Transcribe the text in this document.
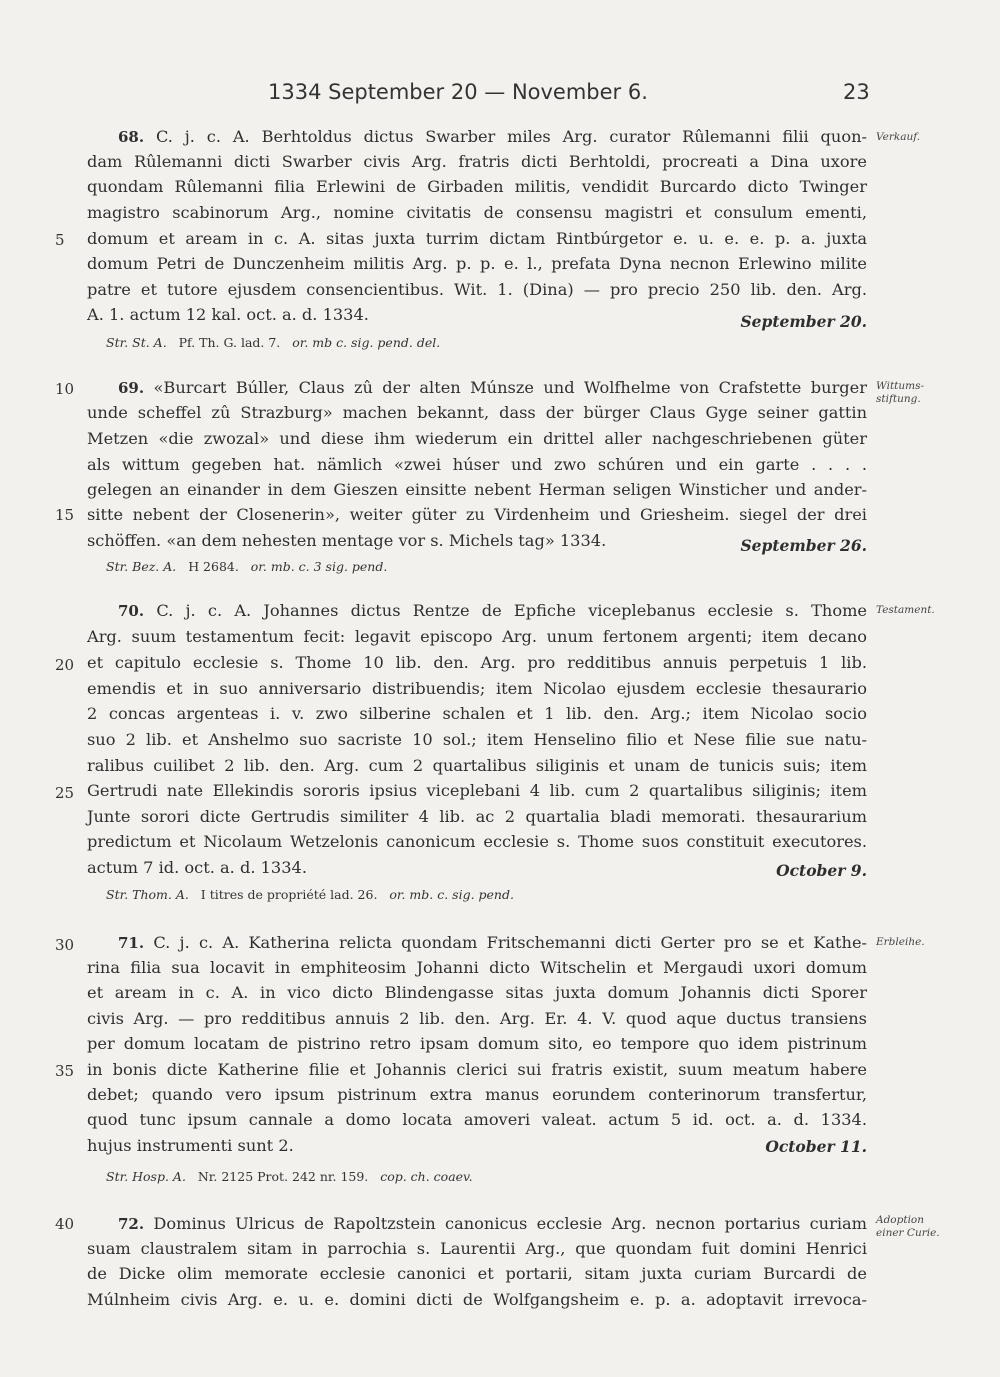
1334 September 20 — November 6.	23
5
10
15
20
25
30
35
40
Verkauf.
68. C. j. c. A. Berhtoldus dictus Swarber miles Arg. curator Rûlemanni filii quon-
dam Rûlemanni dicti Swarber civis Arg. fratris dicti Berhtoldi, procreati a Dina uxore
quondam Rûlemanni filia Erlewini de Girbaden militis, vendidit Burcardo dicto Twinger
magistro scabinorum Arg., nomine civitatis de consensu magistri et consulum ementi,
domum et aream in c. A. sitas juxta turrim dictam Rintbúrgetor e. u. e. e. p. a. juxta
domum Petri de Dunczenheim militis Arg. p. p. e. l., prefata Dyna necnon Erlewino milite
patre et tutore ejusdem consencientibus. Wit. 1. (Dina) — pro precio 250 lib. den. Arg.
A. 1. actum 12 kal. oct. a. d. 1334.	September 20.
Str. St. A. Pf. Th. G. lad. 7. or. mb c. sig. pend. del.
Wittums-
stiftung.
69. «Burcart Búller, Claus zû der alten Múnsze und Wolfhelme von Crafstette burger
unde scheffel zû Strazburg» machen bekannt, dass der bürger Claus Gyge seiner gattin
Metzen «die zwozal» und diese ihm wiederum ein drittel aller nachgeschriebenen güter
als wittum gegeben hat. nämlich «zwei húser und zwo schúren und ein garte . . . .
gelegen an einander in dem Gieszen einsitte nebent Herman seligen Winsticher und ander-
sitte nebent der Closenerin», weiter güter zu Virdenheim und Griesheim. siegel der drei
schöffen. «an dem nehesten mentage vor s. Michels tag» 1334.	September 26.
Str. Bez. A. H 2684. or. mb. c. 3 sig. pend.
Testament.
70. C. j. c. A. Johannes dictus Rentze de Epfiche viceplebanus ecclesie s. Thome
Arg. suum testamentum fecit: legavit episcopo Arg. unum fertonem argenti; item decano
et capitulo ecclesie s. Thome 10 lib. den. Arg. pro redditibus annuis perpetuis 1 lib.
emendis et in suo anniversario distribuendis; item Nicolao ejusdem ecclesie thesaurario
2 concas argenteas i. v. zwo silberine schalen et 1 lib. den. Arg.; item Nicolao socio
suo 2 lib. et Anshelmo suo sacriste 10 sol.; item Henselino filio et Nese filie sue natu-
ralibus cuilibet 2 lib. den. Arg. cum 2 quartalibus siliginis et unam de tunicis suis; item
Gertrudi nate Ellekindis sororis ipsius viceplebani 4 lib. cum 2 quartalibus siliginis; item
Junte sorori dicte Gertrudis similiter 4 lib. ac 2 quartalia bladi memorati. thesaurarium
predictum et Nicolaum Wetzelonis canonicum ecclesie s. Thome suos constituit executores.
actum 7 id. oct. a. d. 1334.	October 9.
Str. Thom. A. I titres de propriété lad. 26. or. mb. c. sig. pend.
Erbleihe.
71. C. j. c. A. Katherina relicta quondam Fritschemanni dicti Gerter pro se et Kathe-
rina filia sua locavit in emphiteosim Johanni dicto Witschelin et Mergaudi uxori domum
et aream in c. A. in vico dicto Blindengasse sitas juxta domum Johannis dicti Sporer
civis Arg. — pro redditibus annuis 2 lib. den. Arg. Er. 4. V. quod aque ductus transiens
per domum locatam de pistrino retro ipsam domum sito, eo tempore quo idem pistrinum
in bonis dicte Katherine filie et Johannis clerici sui fratris existit, suum meatum habere
debet; quando vero ipsum pistrinum extra manus eorundem conterinorum transfertur,
quod tunc ipsum cannale a domo locata amoveri valeat. actum 5 id. oct. a. d. 1334.
hujus instrumenti sunt 2.	October 11.
Str. Hosp. A. Nr. 2125 Prot. 242 nr. 159. cop. ch. coaev.
Adoption
einer Curie.
72. Dominus Ulricus de Rapoltzstein canonicus ecclesie Arg. necnon portarius curiam
suam claustralem sitam in parrochia s. Laurentii Arg., que quondam fuit domini Henrici
de Dicke olim memorate ecclesie canonici et portarii, sitam juxta curiam Burcardi de
Múlnheim civis Arg. e. u. e. domini dicti de Wolfgangsheim e. p. a. adoptavit irrevoca-
